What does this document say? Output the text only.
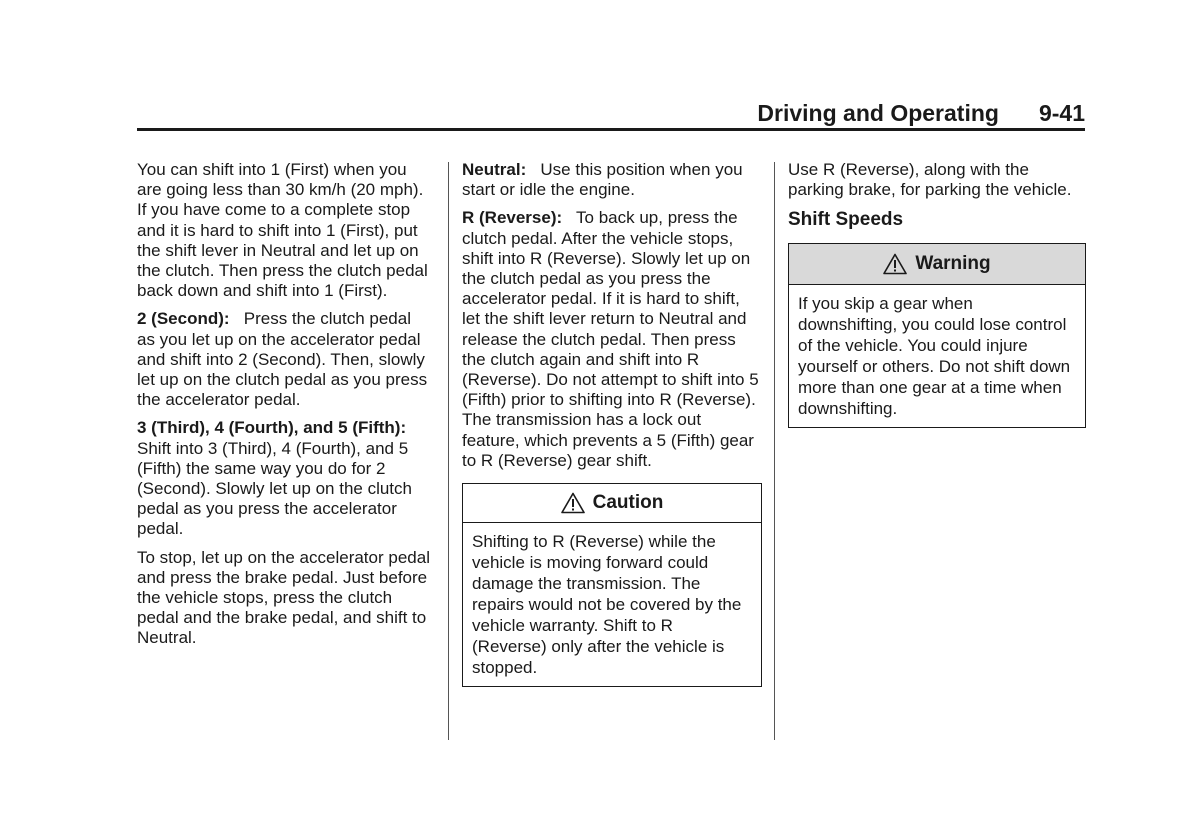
Driving and Operating 9-41

You can shift into 1 (First) when you are going less than 30 km/h (20 mph). If you have come to a complete stop and it is hard to shift into 1 (First), put the shift lever in Neutral and let up on the clutch. Then press the clutch pedal back down and shift into 1 (First).

2 (Second): Press the clutch pedal as you let up on the accelerator pedal and shift into 2 (Second). Then, slowly let up on the clutch pedal as you press the accelerator pedal.

3 (Third), 4 (Fourth), and 5 (Fifth):
Shift into 3 (Third), 4 (Fourth), and 5 (Fifth) the same way you do for 2 (Second). Slowly let up on the clutch pedal as you press the accelerator pedal.

To stop, let up on the accelerator pedal and press the brake pedal. Just before the vehicle stops, press the clutch pedal and the brake pedal, and shift to Neutral.

Neutral: Use this position when you start or idle the engine.

R (Reverse): To back up, press the clutch pedal. After the vehicle stops, shift into R (Reverse). Slowly let up on the clutch pedal as you press the accelerator pedal. If it is hard to shift, let the shift lever return to Neutral and release the clutch pedal. Then press the clutch again and shift into R (Reverse). Do not attempt to shift into 5 (Fifth) prior to shifting into R (Reverse). The transmission has a lock out feature, which prevents a 5 (Fifth) gear to R (Reverse) gear shift.

Caution
Shifting to R (Reverse) while the vehicle is moving forward could damage the transmission. The repairs would not be covered by the vehicle warranty. Shift to R (Reverse) only after the vehicle is stopped.

Use R (Reverse), along with the parking brake, for parking the vehicle.

Shift Speeds
Warning
If you skip a gear when downshifting, you could lose control of the vehicle. You could injure yourself or others. Do not shift down more than one gear at a time when downshifting.
